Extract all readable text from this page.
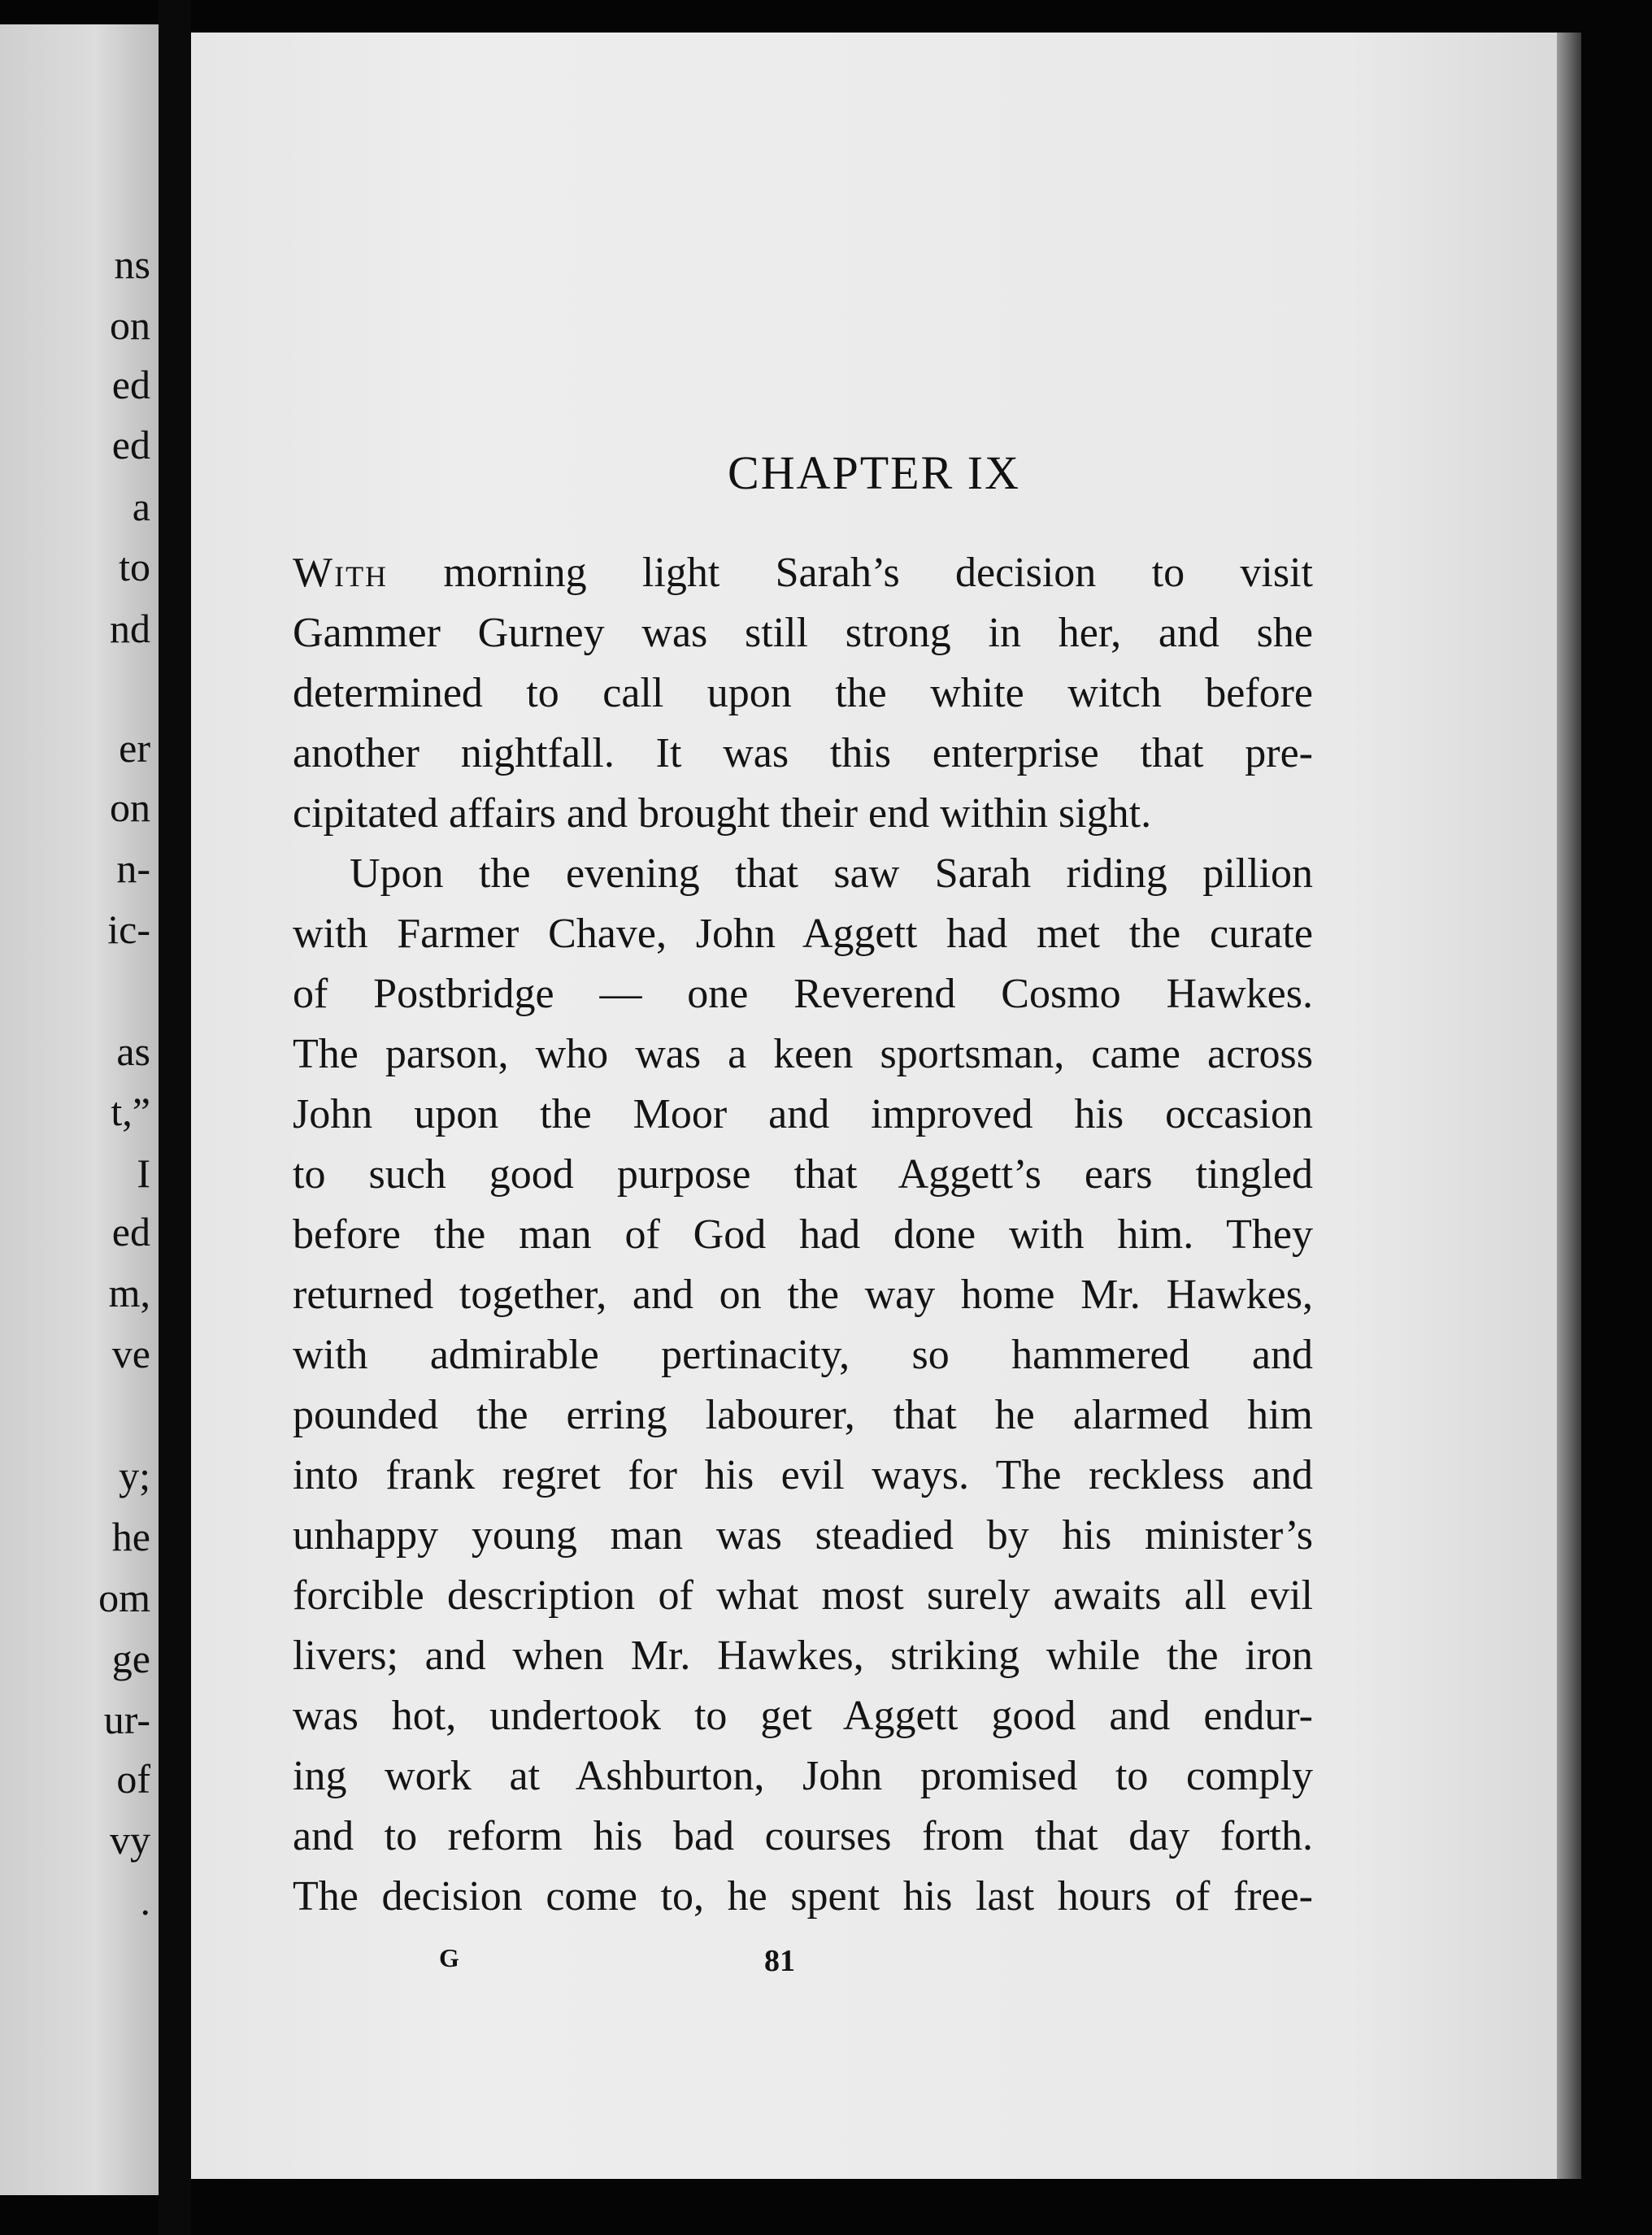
ns
on
ed
ed
a
to
nd
er
on
n-
ic-
as
t,”
I
ed
m,
ve
y;
he
om
ge
ur-
of
vy
.
CHAPTER IX
With morning light Sarah’s decision to visit
Gammer Gurney was still strong in her, and she
determined to call upon the white witch before
another nightfall. It was this enterprise that pre-
cipitated affairs and brought their end within sight.
Upon the evening that saw Sarah riding pillion
with Farmer Chave, John Aggett had met the curate
of Postbridge — one Reverend Cosmo Hawkes.
The parson, who was a keen sportsman, came across
John upon the Moor and improved his occasion
to such good purpose that Aggett’s ears tingled
before the man of God had done with him. They
returned together, and on the way home Mr. Hawkes,
with admirable pertinacity, so hammered and
pounded the erring labourer, that he alarmed him
into frank regret for his evil ways. The reckless and
unhappy young man was steadied by his minister’s
forcible description of what most surely awaits all evil
livers; and when Mr. Hawkes, striking while the iron
was hot, undertook to get Aggett good and endur-
ing work at Ashburton, John promised to comply
and to reform his bad courses from that day forth.
The decision come to, he spent his last hours of free-
G	81
